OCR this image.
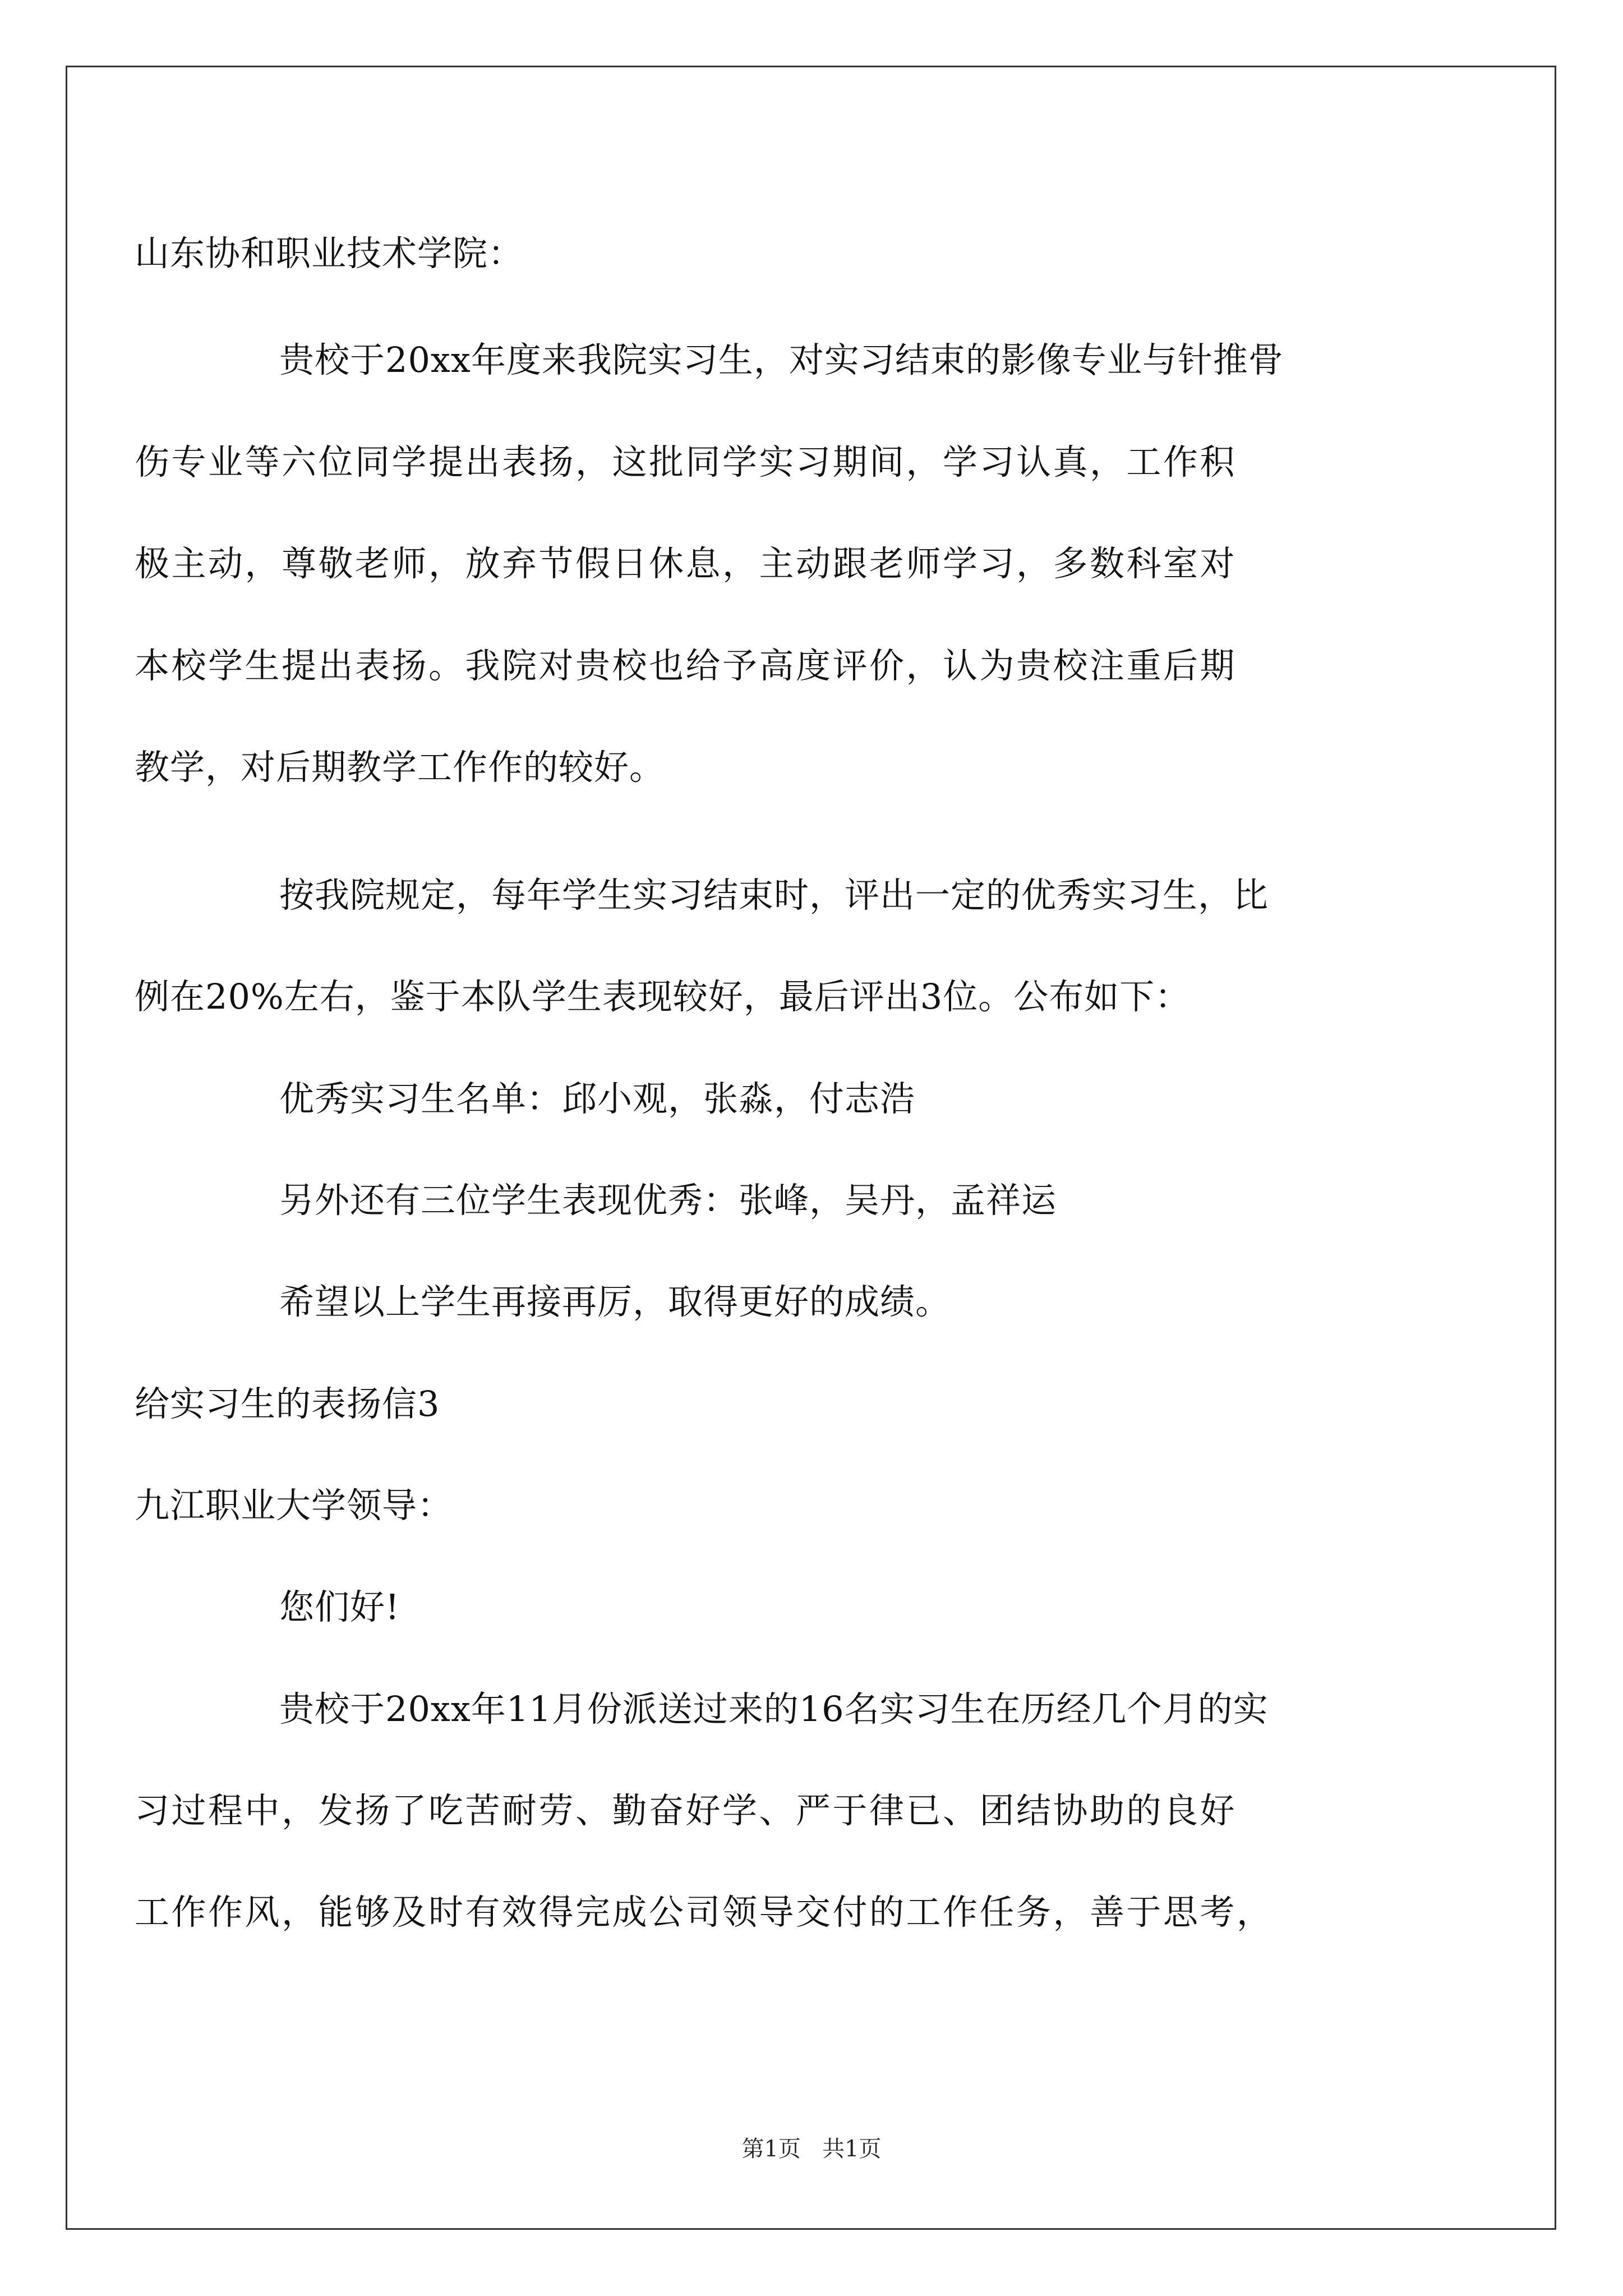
山东协和职业技术学院：
贵校于20xx年度来我院实习生，对实习结束的影像专业与针推骨
伤专业等六位同学提出表扬，这批同学实习期间，学习认真，工作积
极主动，尊敬老师，放弃节假日休息，主动跟老师学习，多数科室对
本校学生提出表扬。我院对贵校也给予高度评价，认为贵校注重后期
教学，对后期教学工作作的较好。
按我院规定，每年学生实习结束时，评出一定的优秀实习生，比
例在20%左右，鉴于本队学生表现较好，最后评出3位。公布如下：
优秀实习生名单：邱小观，张淼，付志浩
另外还有三位学生表现优秀：张峰，吴丹，孟祥运
希望以上学生再接再厉，取得更好的成绩。
给实习生的表扬信3
九江职业大学领导：
您们好!
贵校于20xx年11月份派送过来的16名实习生在历经几个月的实
习过程中，发扬了吃苦耐劳、勤奋好学、严于律已、团结协助的良好
工作作风，能够及时有效得完成公司领导交付的工作任务，善于思考，
第1页   共1页
